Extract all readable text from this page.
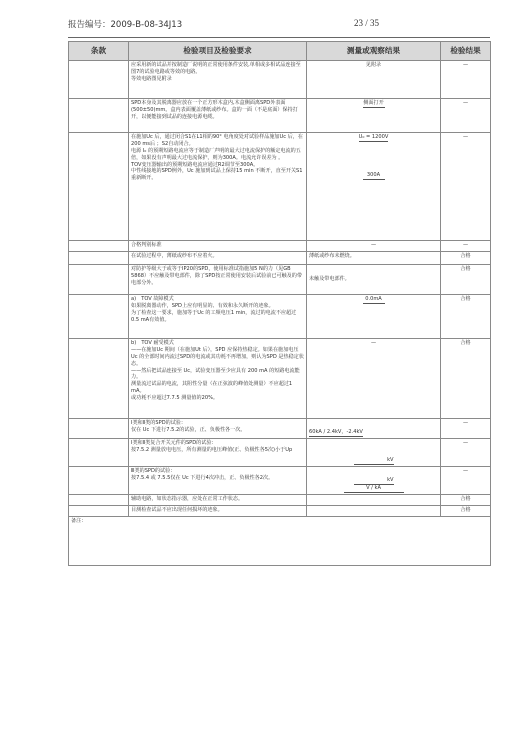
报告编号：2009-B-08-34J13	23 / 35
条款	检验项目及检验要求	测量或观察结果	检验结果

	应采用新的试品并按制造厂说明的正常使用条件安装,单相或多相试品连接至图7的试验电路或等效的电路。
等效电路图见附录	见附录	—

	SPD本身及其脱离器应放在一个正方形木盒内,木盒侧面离SPD外表面(500±50)mm。盒内表面覆盖薄纸或纱布。盒的一面（不是底面）保持打开，以便能接到试品的连接电源电缆。	侧面打开	—

	在施加Uc 后，通过闭合S1在L1相的90° 电角度处对试验样品施加Uc 后，在200 ms后 ；S2自动闭合。
电源 I₀ 的预期短路电流应等于制造厂声明的最大过电流保护的额定电流的五倍，如果没有声明最大过电流保护，则为300A。电流允许误差为 。
TOV变压器输出的预期短路电流应通过R2调节至300A。
中性线接地的SPD例外，Uc 施加到试品上保持15 min 不断开，直至开关S1重新断开。	U₀ = 1200V
300A	—
	合格判别标准	—	—
	在试验过程中，薄纸或纱布不应着火。	薄纸或纱布未燃烧。	合格
	对防护等级大于或等于IP20的SPD，使用标准试指施加5 N的力（见GB 5868）不应触及带电部件，除了SPD按正常使用安装后试验前已可触及的带电部分外。	未触及带电部件。	合格

	a)　TOV 故障模式
如果脱离器动作，SPD上应有明显的、有效和永久断开的迹象。
为了检查这一要求，施加等于Uc 的工频电压1 min，流过的电流不应超过0.5 mA有效值。	0.0mA	合格

	b)　TOV 耐受模式
——在施加Uc 期间（在施加Ut 后），SPD 应保持热稳定。如果在施加电压Uc 的全部时间内流过SPD的电流或其功耗不再增加，则认为SPD 是热稳定状态。
——然后把试品连接至 Uc，试验变压器至少应具有 200 mA 的短路电流能力。
测量流过试品的电流，其阻性分量（在正弦波的峰值处测量）不应超过1 mA。
或功耗不应超过7.7.5 测量值的20%。	—	合格

	Ⅰ类和Ⅱ类的SPD的试验：
仅在 Uc 下进行7.5.2的试验，正、负极性各一次。	60kA / 2.4kV，-2.4kV	—

	Ⅰ类和Ⅱ类复合开关元件的SPD的试验：
按7.5.2 测量放电电压，所有测量的电压峰值(正、负极性各5次)小于Up	kV	—

	Ⅲ类的SPD的试验：
按7.5.4 或 7.5.5仅在 Uc 下进行4次冲击，正、负极性各2次。	kV
V / kA	—
	辅助电路，如状态指示器，应处在正常工作状态。		合格
	目测检查试品不应出现任何损坏的迹象。		合格
备注：			
